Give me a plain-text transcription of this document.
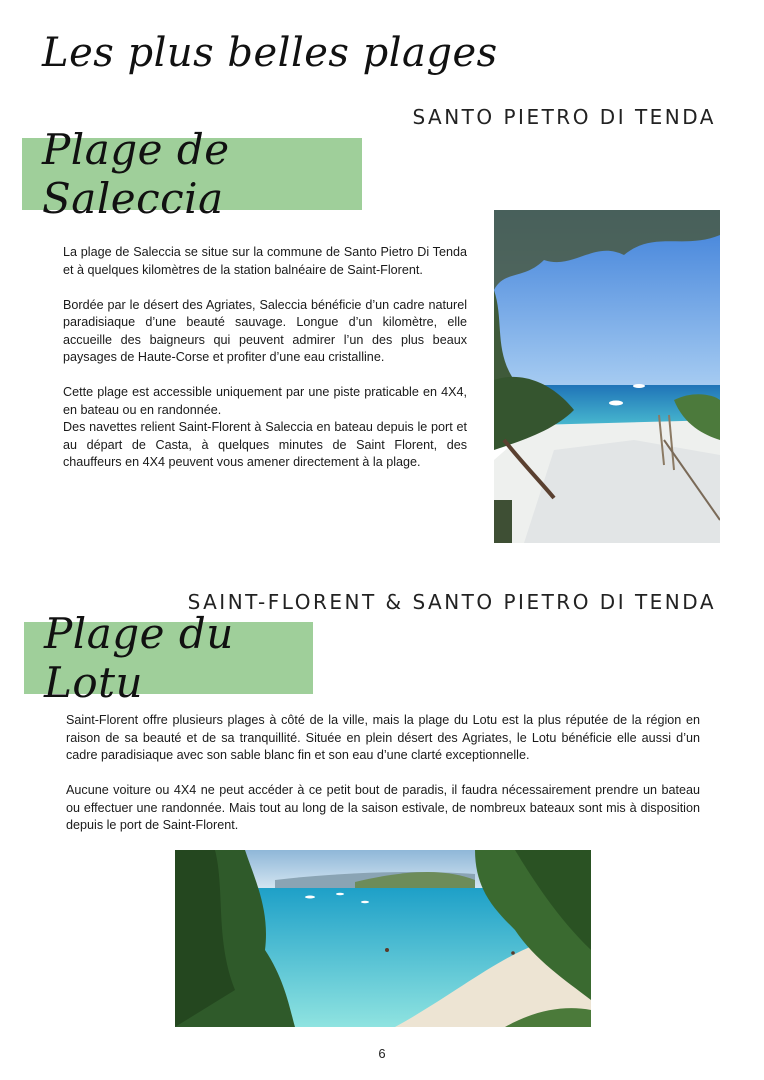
Les plus belles plages
SANTO PIETRO DI TENDA
Plage de Saleccia

La plage de Saleccia se situe sur la commune de Santo Pietro Di Tenda et à quelques kilomètres de la station balnéaire de Saint-Florent.

Bordée par le désert des Agriates, Saleccia bénéficie d’un cadre naturel paradisiaque d’une beauté sauvage. Longue d’un kilomètre, elle accueille des baigneurs qui peuvent admirer l’un des plus beaux paysages de Haute-Corse et profiter d’une eau cristalline.

Cette plage est accessible uniquement par une piste praticable en 4X4, en bateau ou en randonnée.

Des navettes relient Saint-Florent à Saleccia en bateau depuis le port et au départ de Casta, à quelques minutes de Saint Florent, des chauffeurs en 4X4 peuvent vous amener directement à la plage.

SAINT-FLORENT & SANTO PIETRO DI TENDA
Plage du Lotu

Saint-Florent offre plusieurs plages à côté de la ville, mais la plage du Lotu est la plus réputée de la région en raison de sa beauté et de sa tranquillité. Située en plein désert des Agriates, le Lotu bénéficie elle aussi d’un cadre paradisiaque avec son sable blanc fin et son eau d’une clarté exceptionnelle.

Aucune voiture ou 4X4 ne peut accéder à ce petit bout de paradis, il faudra nécessairement prendre un bateau ou effectuer une randonnée. Mais tout au long de la saison estivale, de nombreux bateaux sont mis à disposition depuis le port de Saint-Florent.

6
